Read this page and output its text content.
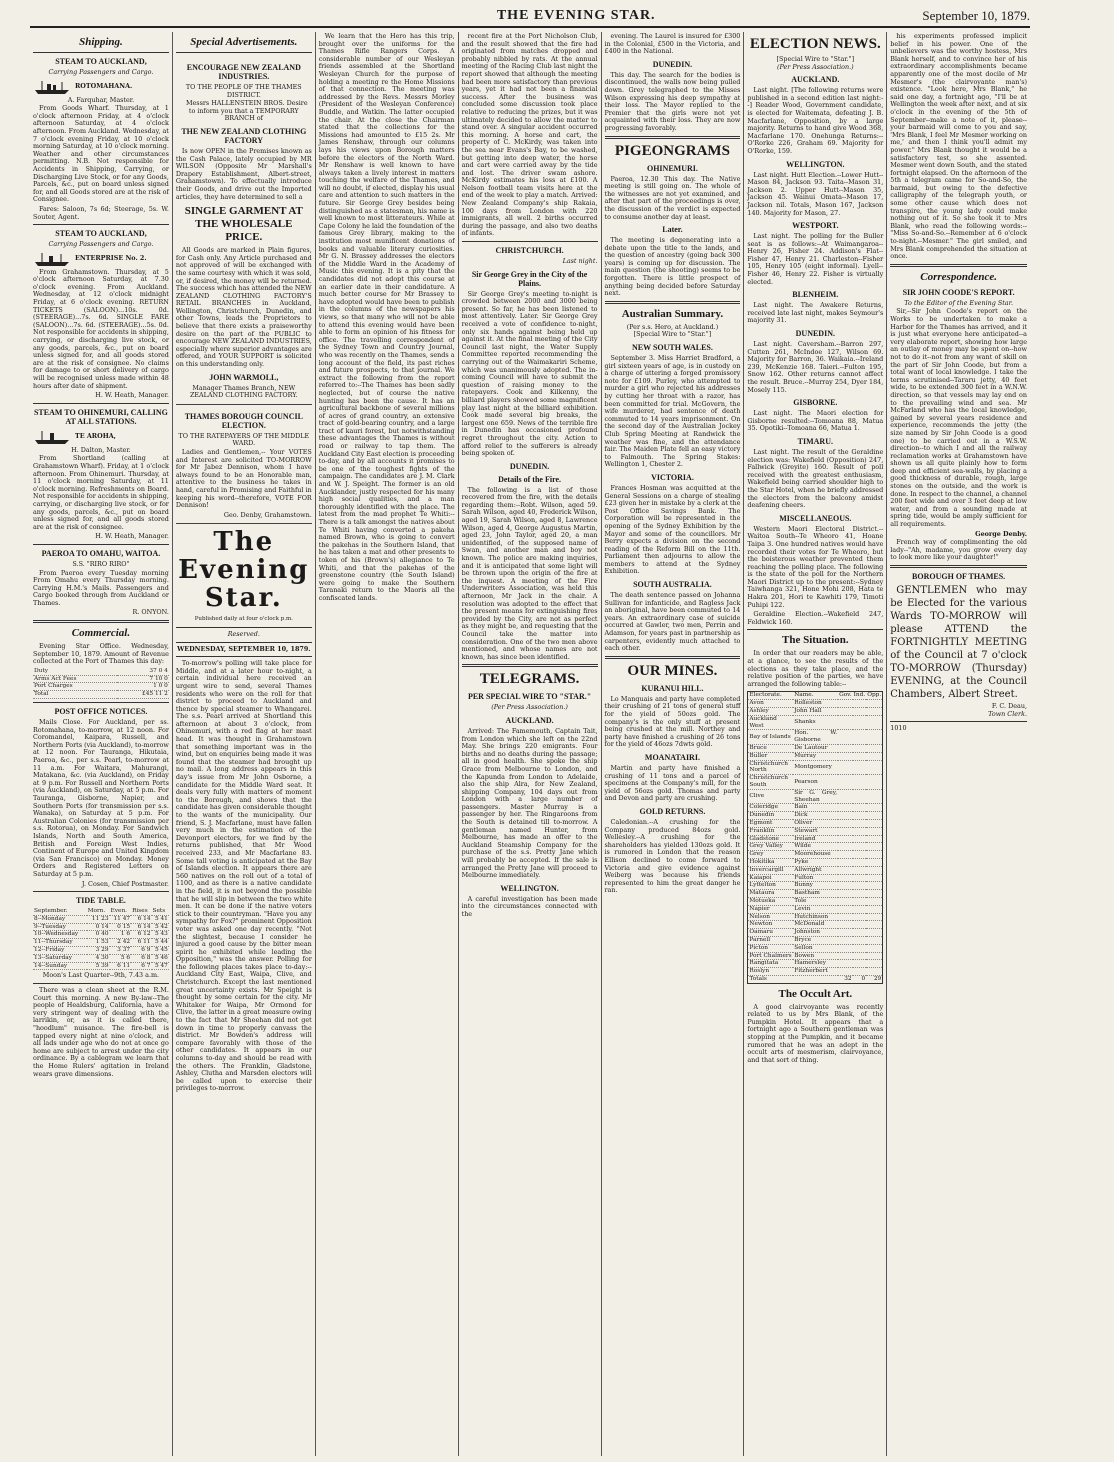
THE EVENING STAR.	September 10, 1879.
Shipping.
STEAM TO AUCKLAND,
Carrying Passengers and Cargo.
ROTOMAHANA.
A. Farquhar, Master.

From Goods Wharf. Thursday, at 1 o'clock afternoon Friday, at 4 o'clock afternoon Saturday, at 4 o'clock afternoon. From Auckland. Wednesday, at 7 o'clock evening Friday, at 10 o'clock morning Saturday, at 10 o'clock morning. Weather and other circumstances permitting. N.B. Not responsible for Accidents in Shipping, Carrying, or Discharging Live Stock, or for any Goods, Parcels, &c., put on board unless signed for, and all Goods stored are at the risk of Consignee.

Fares: Saloon, 7s 6d; Steerage, 5s. W. Souter, Agent.

STEAM TO AUCKLAND,
Carrying Passengers and Cargo.
ENTERPRISE No. 2.

From Grahamstown. Thursday, at 5 o'clock afternoon Saturday, at 7.30 o'clock evening. From Auckland. Wednesday, at 12 o'clock midnight Friday, at 6 o'clock evening. RETURN TICKETS (SALOON)...10s. 0d. (STEERAGE)...7s. 6d. SINGLE FARE (SALOON)...7s. 6d. (STEERAGE)...5s. 0d. Not responsible for accidents in shipping, carrying, or discharging live stock, or any goods, parcels, &c., put on board unless signed for, and all goods stored are at the risk of consignee. No claims for damage to or short delivery of cargo will be recognised unless made within 48 hours after date of shipment.

H. W. Heath, Manager.
STEAM TO OHINEMURI, CALLING AT ALL STATIONS.
TE AROHA,
H. Dalton, Master.

From Shortland (calling at Grahamstown Wharf). Friday, at 1 o'clock afternoon. From Ohinemuri. Thursday, at 11 o'clock morning Saturday, at 11 o'clock morning. Refreshments on Board. Not responsible for accidents in shipping, carrying, or discharging live stock, or for any goods, parcels, &c., put on board unless signed for, and all goods stored are at the risk of consignee.

H. W. Heath, Manager.
PAEROA TO OMAHU, WAITOA.
S.S. "RIRO RIRO"

From Paeroa every Tuesday morning From Omahu every Thursday morning. Carrying H.M.'s Mails. Passengers and Cargo booked through from Auckland or Thames.

R. ONYON.
Commercial.

Evening Star Office. Wednesday, September 10, 1879. Amount of Revenue collected at the Port of Thames this day:

Duty	37 0 4
Arms Act Fees	7 10 0
Port Charges	1 0 0
Total	£45 11 2
POST OFFICE NOTICES.

Mails Close. For Auckland, per ss. Rotomahana, to-morrow, at 12 noon. For Coromandel, Kaipara, Russell, and Northern Ports (via Auckland), to-morrow at 12 noon. For Tauranga, Hikutaia, Paeroa, &c., per s.s. Pearl, to-morrow at 11 a.m. For Waitara, Mahurangi, Matakana, &c. (via Auckland), on Friday at 9 p.m. For Russell and Northern Ports (via Auckland), on Saturday, at 5 p.m. For Tauranga, Gisborne, Napier, and Southern Ports (for transmission per s.s. Wanaka), on Saturday at 5 p.m. For Australian Colonies (for transmission per s.s. Rotorua), on Monday. For Sandwich Islands, North and South America, British and Foreign West Indies, Continent of Europe and United Kingdom (via San Francisco) on Monday. Money Orders and Registered Letters on Saturday at 5 p.m.

J. Cosen, Chief Postmaster.
TIDE TABLE.
September.	Morn.	Even.	Rises	Sets
8--Monday	11 23	11 47	6 14	5 41
9--Tuesday	0 14	0 15	6 14	5 42
10--Wednesday	0 40	1 6	6 12	5 43
11--Thursday	1 53	2 42	6 11	5 44
12--Friday	3 29	3 37	6 9	5 45
13--Saturday	4 30	5 6	6 8	5 46
14--Sunday	5 39	6 11	6 7	5 47
Moon's Last Quarter--9th, 7.43 a.m.

There was a clean sheet at the R.M. Court this morning. A new By-law--The people of Healdsburg, California, have a very stringent way of dealing with the larrikin, or, as it is called there, "hoodlum" nuisance. The fire-bell is tapped every night at nine o'clock, and all lads under age who do not at once go home are subject to arrest under the city ordinance. By a cablegram we learn that the Home Rulers' agitation in Ireland wears grave dimensions.

Special Advertisements.
ENCOURAGE NEW ZEALAND INDUSTRIES.
TO THE PEOPLE OF THE THAMES DISTRICT.

Messrs HALLENSTEIN BROS. Desire to inform you that a TEMPORARY BRANCH of

THE NEW ZEALAND CLOTHING FACTORY

Is now OPEN in the Premises known as the Cash Palace, lately occupied by MR WILSON (Opposite Mr Marshall's Drapery Establishment, Albert-street, Grahamstown). To effectually introduce their Goods, and drive out the Imported articles, they have determined to sell a

SINGLE GARMENT AT THE WHOLESALE PRICE.

All Goods are marked in Plain figures, for Cash only. Any Article purchased and not approved of will be exchanged with the same courtesy with which it was sold, or, if desired, the money will be returned. The success which has attended the NEW ZEALAND CLOTHING FACTORY'S RETAIL BRANCHES in Auckland, Wellington, Christchurch, Dunedin, and other Towns, leads the Proprietors to believe that there exists a praiseworthy desire on the part of the PUBLIC to encourage NEW ZEALAND INDUSTRIES, especially where superior advantages are offered, and YOUR SUPPORT is solicited on this understanding only.

JOHN WARMOLL,
Manager Thames Branch, NEW ZEALAND CLOTHING FACTORY.
THAMES BOROUGH COUNCIL ELECTION.
TO THE RATEPAYERS OF THE MIDDLE WARD.

Ladies and Gentlemen,-- Your VOTES and Interest are solicited TO-MORROW for Mr Jabez Dennison, whom I have always found to be an Honorable man, attentive to the business he takes in hand, careful in Promising and Faithful in keeping his word--therefore, VOTE FOR Dennison!

Geo. Denby, Grahamstown.
The Evening Star.
Published daily at four o'clock p.m.
Reserved.
WEDNESDAY, SEPTEMBER 10, 1879.

To-morrow's polling will take place for Middle, and at a later hour to-night, a certain individual here received an urgent wire to send, several Thames residents who were on the roll for that district to proceed to Auckland and thence by special steamer to Whangarei. The s.s. Pearl arrived at Shortland this afternoon at about 3 o'clock, from Ohinemuri, with a red flag at her mast head. It was thought in Grahamstown that something important was in the wind, but on enquiries being made it was found that the steamer had brought up no mail. A long address appears in this day's issue from Mr John Osborne, a candidate for the Middle Ward seat. It deals very fully with matters of moment to the Borough, and shows that the candidate has given considerable thought to the wants of the municipality. Our friend, S. J. Macfarlane, must have fallen very much in the estimation of the Devonport electors, for we find by the returns published, that Mr Wood received 233, and Mr Macfarlane 83. Some tall voting is anticipated at the Bay of Islands election. It appears there are 560 natives on the roll out of a total of 1100, and as there is a native candidate in the field, it is not beyond the possible that he will slip in between the two white men. It can be done if the native voters stick to their countryman. "Have you any sympathy for Fox?" prominent Opposition voter was asked one day recently. "Not the slightest, because I consider he injured a good cause by the bitter mean spirit he exhibited while leading the Opposition," was the answer. Polling for the following places takes place to-day:--Auckland City East, Waipa, Clive, and Christchurch. Except the last mentioned great uncertainty exists. Mr Speight is thought by some certain for the city. Mr Whitaker for Waipa, Mr Ormond for Clive, the latter in a great measure owing to the fact that Mr Sheehan did not get down in time to properly canvass the district. Mr Bowden's address will compare favorably with those of the other candidates. It appears in our columns to-day and should be read with the others. The Franklin, Gladstone, Ashley, Clutha and Marsden electors will be called upon to exercise their privileges to-morrow.

We learn that the Hero has this trip, brought over the uniforms for the Thames Rifle Rangers Corps. A considerable number of our Wesleyan friends assembled at the Shortland Wesleyan Church for the purpose of holding a meeting re the Home Missions of that connection. The meeting was addressed by the Revs. Messrs Morley (President of the Wesleyan Conference) Buddle, and Watkin. The latter occupied the chair. At the close the Chairman stated that the collections for the Missions had amounted to £15 2s. Mr James Renshaw, through our columns lays his views upon Borough matters before the electors of the North Ward. Mr Renshaw is well known to have always taken a lively interest in matters touching the welfare of the Thames, and will no doubt, if elected, display his usual care and attention to such matters in the future. Sir George Grey besides being distinguished as a statesman, his name is well known to most litterateurs. While at Cape Colony he laid the foundation of the famous Grey library, making to the institution most munificent donations of books and valuable literary curiosities. Mr G. N. Brassey addresses the electors of the Middle Ward in the Academy of Music this evening. It is a pity that the candidates did not adopt this course at an earlier date in their candidature. A much better course for Mr Brassey to have adopted would have been to publish in the columns of the newspapers his views, so that many who will not be able to attend this evening would have been able to form an opinion of his fitness for office. The travelling correspondent of the Sydney Town and Country Journal, who was recently on the Thames, sends a long account of the field, its past riches and future prospects, to that journal. We extract the following from the report referred to:--The Thames has been sadly neglected, but of course the native hunting has been the cause. It has an agricultural backbone of several millions of acres of grand country, an extensive tract of gold-bearing country, and a large tract of kauri forest, but notwithstanding these advantages the Thames is without road or railway to tap them. The Auckland City East election is proceeding to-day, and by all accounts it promises to be one of the toughest fights of the campaign. The candidates are J. M. Clark and W. J. Speight. The former is an old Aucklander, justly respected for his many high social qualities, and a man thoroughly identified with the place. The latest from the mad prophet Te Whiti:--There is a talk amongst the natives about Te Whiti having converted a pakeha named Brown, who is going to convert the pakehas in the Southern Island, that he has taken a mat and other presents to token of his (Brown's) allegiance to Te Whiti, and that the pakehas of the greenstone country (the South Island) were going to make the Southern Taranaki return to the Maoris all the confiscated lands.

recent fire at the Port Nicholson Club, and the result showed that the fire had originated from matches dropped and probably nibbled by rats. At the annual meeting of the Racing Club last night the report showed that although the meeting had been more satisfactory than previous years, yet it had not been a financial success. After the business was concluded some discussion took place relative to reducing the prizes, but it was ultimately decided to allow the matter to stand over. A singular accident occurred this morning. A horse and cart, the property of C. McKirdy, was taken into the sea near Evans's Bay, to be washed, but getting into deep water, the horse and cart were carried away by the tide and lost. The driver swam ashore. McKirdy estimates his loss at £100. A Nelson football team visits here at the end of the week to play a match. Arrived: New Zealand Company's ship Rakaia, 100 days from London with 220 immigrants, all well. 2 births occurred during the passage, and also two deaths of infants.

CHRISTCHURCH.
Last night.
Sir George Grey in the City of the Plains.

Sir George Grey's meeting to-night is crowded between 2000 and 3000 being present. So far, he has been listened to most attentively. Later. Sir George Grey received a vote of confidence to-night, only six hands against being held up against it. At the final meeting of the City Council last night, the Water Supply Committee reported recommending the carrying out of the Waimakariri Scheme, which was unanimously adopted. The in-coming Council will have to submit the question of raising money to the ratepayers. Cook and Kilkenny, the billiard players showed some magnificent play last night at the billiard exhibition. Cook made several big breaks, the largest one 659. News of the terrible fire in Dunedin has occasioned profound regret throughout the city. Action to afford relief to the sufferers is already being spoken of.

DUNEDIN.
Details of the Fire.

The following is a list of those recovered from the fire, with the details regarding them:--Robt. Wilson, aged 59. Sarah Wilson, aged 40, Frederick Wilson, aged 19, Sarah Wilson, aged 8, Lawrence Wilson, aged 4, George Augustus Martin, aged 23, John Taylor, aged 20, a man unidentified, of the supposed name of Swan, and another man and boy not known. The police are making inquiries, and it is anticipated that some light will be thrown upon the origin of the fire at the inquest. A meeting of the Fire Underwriters Association, was held this afternoon, Mr Jack in the chair. A resolution was adopted to the effect that the present means for extinguishing fires provided by the City, are not as perfect as they might be, and requesting that the Council take the matter into consideration. One of the two men above mentioned, and whose names are not known, has since been identified.

TELEGRAMS.
PER SPECIAL WIRE TO "STAR."
(Per Press Association.)
AUCKLAND.

Arrived: The Famemouth, Captain Tait, from London which she left on the 22nd May. She brings 220 emigrants. Four births and no deaths during the passage; all in good health. She spoke the ship Grace from Melbourne to London, and the Kapunda from London to Adelaide, also the ship Alra, for New Zealand, shipping Company, 104 days out from London with a large number of passengers. Master Murray is a passenger by her. The Ringaroons from the South is detained till to-morrow. A gentleman named Hunter, from Melbourne, has made an offer to the Auckland Steamship Company for the purchase of the s.s. Pretty Jane which will probably be accepted. If the sale is arranged the Pretty Jane will proceed to Melbourne immediately.

WELLINGTON.

A careful investigation has been made into the circumstances connected with the

evening. The Laurel is insured for £300 in the Colonial, £500 in the Victoria, and £400 in the National.

DUNEDIN.

This day. The search for the bodies is discontinued, the walls now being pulled down. Grey telegraphed to the Misses Wilson expressing his deep sympathy at their loss. The Mayor replied to the Premier that the girls were not yet acquainted with their loss. They are now progressing favorably.

PIGEONGRAMS
OHINEMURI.

Paeroa, 12.30 This day. The Native meeting is still going on. The whole of the witnesses are not yet examined, and after that part of the proceedings is over, the discussion of the verdict is expected to consume another day at least.

Later.

The meeting is degenerating into a debate upon the title to the lands, and the question of ancestry (going back 300 years) is coming up for discussion. The main question (the shooting) seems to be forgotten. There is little prospect of anything being decided before Saturday next.

Australian Summary.
(Per s.s. Hero, at Auckland.)
[Special Wire to "Star."]
NEW SOUTH WALES.

September 3. Miss Harriet Bradford, a girl sixteen years of age, is in custody on a charge of uttering a forged promissory note for £109. Purley, who attempted to murder a girl who rejected his addresses by cutting her throat with a razor, has been committed for trial. McGovern, the wife murderer, had sentence of death commuted to 14 years imprisonment. On the second day of the Australian Jockey Club Spring Meeting at Randwick the weather was fine, and the attendance fair. The Maiden Plate fell an easy victory to Falmouth. The Spring Stakes: Wellington 1, Chester 2.

VICTORIA.

Frances Hosman was acquitted at the General Sessions on a charge of stealing £23 given her in mistake by a clerk at the Post Office Savings Bank. The Corporation will be represented in the opening of the Sydney Exhibition by the Mayor and some of the councillors. Mr Berry expects a division on the second reading of the Reform Bill on the 11th. Parliament then adjourns to allow the members to attend at the Sydney Exhibition.

SOUTH AUSTRALIA.

The death sentence passed on Johanna Sullivan for infanticide, and Ragless Jack an aboriginal, have been commuted to 14 years. An extraordinary case of suicide occurred at Gawler, two men, Perrin and Adamson, for years past in partnership as carpenters, evidently much attached to each other.

OUR MINES.
KURANUI HILL.

Lo Manquais and party have completed their crushing of 21 tons of general stuff for the yield of 50ozs gold. The company's is the only stuff at present being crushed at the mill. Northey and party have finished a crushing of 26 tons for the yield of 46ozs 7dwts gold.

MOANATAIRI.

Martin and party have finished a crushing of 11 tons and a parcel of specimens at the Company's mill, for the yield of 56ozs gold. Thomas and party and Devon and party are crushing.

GOLD RETURNS.

Caledonian.--A crushing for the Company produced 84ozs gold. Wellesley.--A crushing for the shareholders has yielded 130ozs gold. It is rumored in London that the reason Ellison declined to come forward to Victoria and give evidence against Weiberg was because his friends represented to him the great danger he ran.

ELECTION NEWS.
[Special Wire to "Star."]
(Per Press Association.)
AUCKLAND.

Last night. [The following returns were published in a second edition last night:--] Reader Wood, Government candidate, is elected for Waitemata, defeating J. B. Macfarlane, Opposition, by a large majority. Returns to hand give Wood 368, Macfarlane 170. Onehunga Returns:--O'Rorke 226, Graham 69. Majority for O'Rorke, 159.

WELLINGTON.

Last night. Hutt Election.--Lower Hutt--Mason 84, Jackson 93. Taita--Mason 31, Jackson 2. Upper Hutt--Mason 35, Jackson 45. Wainui Omata--Mason 17, Jackson nil. Totals, Mason 167, Jackson 140. Majority for Mason, 27.

WESTPORT.

Last night. The polling for the Buller seat is as follows:--At Waimangaroa--Henry 26, Fisher 24. Addison's Flat--Fisher 47, Henry 21. Charleston--Fisher 105, Henry 105 (eight informal). Lyell--Fisher 46, Henry 22. Fisher is virtually elected.

BLENHEIM.

Last night. The Awakere Returns, received late last night, makes Seymour's majority 31.

DUNEDIN.

Last night. Caversham.--Barron 297, Cutten 261, McIndoe 127, Wilson 69. Majority for Barron, 36. Waikaia.--Ireland 239, McKenzie 168. Taieri.--Fulton 195, Snow 162. Other returns cannot affect the result. Bruce.--Murray 254, Dyer 184, Mosely 115.

GISBORNE.

Last night. The Maori election for Gisborne resulted:--Tomoana 88, Matua 35. Opotiki--Tomoana 66, Matua 1.

TIMARU.

Last night. The result of the Geraldine election was: Wakefield (Opposition) 247, Fallwick (Greyite) 160. Result of poll received with the greatest enthusiasm, Wakefield being carried shoulder high to the Star Hotel, when he briefly addressed the electors from the balcony amidst deafening cheers.

MISCELLANEOUS.

Western Maori Electoral District.--Waitoa South--Te Wheoro 41, Hoane Taipa 3. One hundred natives would have recorded their votes for Te Wheoro, but the boisterous weather prevented them reaching the polling place. The following is the state of the poll for the Northern Maori District up to the present:--Sydney Taiwhanga 321, Hone Mohi 208, Hata te Hakra 201, Hori te Kawhiti 179, Timoti Puhipi 122.

Geraldine Election.--Wakefield 247, Feldwick 160.

The Situation.

In order that our readers may be able, at a glance, to see the results of the elections as they take place, and the relative position of the parties, we have arranged the following table:--

Electorate.	Name.	Gov.	Ind.	Opp.
Avon	Rolleston			
Ashley	John Hall			
Auckland West	Shanks			
Bay of Islands	Hon. W. Gisborne			
Bruce	De Lautour			
Buller	Murray			
Christchurch North	Montgomery			
Christchurch South	Pearson			
Clive	Sir G. Grey, Sheehan			
Coleridge	Bain			
Dunedin	Dick			
Egmont	Oliver			
Franklin	Stewart			
Gladstone	Ireland			
Grey Valley	Wilde			
Grey	Moorehouse			
Hokitika	Pyke			
Invercargill	Allwright			
Kaiapoi	Fulton			
Lyttelton	Bunny			
Mataura	Bastham			
Motueka	Tole			
Napier	Levin			
Nelson	Hutchinson			
Newton	McDonald			
Oamaru	Johnston			
Parnell	Bryce			
Picton	Sellon			
Port Chalmers	Bowen			
Rangitata	Hamersley			
Roslyn	Fitzherbert			
Totals		32	0	29
The Occult Art.

A good clairvoyante was recently related to us by Mrs Blank, of the Pumpkin Hotel. It appears that a fortnight ago a Southern gentleman was stopping at the Pumpkin, and it became rumored that he was an adept in the occult arts of mesmerism, clairvoyance, and that sort of thing.

his experiments professed implicit belief in his power. One of the unbelievers was the worthy hostess, Mrs Blank herself, and to convince her of his extraordinary accomplishments became apparently one of the most docile of Mr Mesmer's (the clairvoyante man's) existence. "Look here, Mrs Blank," he said one day, a fortnight ago, "I'll be at Wellington the week after next, and at six o'clock in the evening of the 5th of September--make a note of it, please--your barmaid will come to you and say, 'Mrs Blank, I feel Mr Mesmer working on me,' and then I think you'll admit my power." Mrs Blank thought it would be a satisfactory test, so she assented. Mesmer went down South, and the stated fortnight elapsed. On the afternoon of the 5th a telegram came for So-and-So, the barmaid, but owing to the defective calligraphy of the telegraph youth, or some other cause which does not transpire, the young lady could make nothing out of it. So she took it to Mrs Blank, who read the following words:--"Miss So-and-So.--Remember at 6 o'clock to-night.--Mesmer." The girl smiled, and Mrs Blank comprehended the situation at once.

Correspondence.
SIR JOHN COODE'S REPORT.
To the Editor of the Evening Star.

Sir,--Sir John Coode's report on the Works to be undertaken to make a Harbor for the Thames has arrived, and it is just what everyone here anticipated--a very elaborate report, showing how large an outlay of money may be spent on--how not to do it--not from any want of skill on the part of Sir John Coode, but from a total want of local knowledge. I take the terms scrutinised--Tararu jetty, 40 feet wide, to be extended 300 feet in a W.N.W. direction, so that vessels may lay end on to the prevailing wind and sea. Mr McFarland who has the local knowledge, gained by several years residence and experience, recommends the jetty (the size named by Sir John Coode is a good one) to be carried out in a W.S.W. direction--to which I and all the railway reclamation works at Grahamstown have shown us all quite plainly how to form deep and efficient sea-walls, by placing a good thickness of durable, rough, large stones on the outside, and the work is done. In respect to the channel, a channel 200 feet wide and over 3 feet deep at low water, and from a sounding made at spring tide, would be amply sufficient for all requirements.

George Denby.

French way of complimenting the old lady--"Ah, madame, you grow every day to look more like your daughter!"

BOROUGH OF THAMES.

GENTLEMEN who may be Elected for the various Wards TO-MORROW will please ATTEND the FORTNIGHTLY MEETING of the Council at 7 o'clock TO-MORROW (Thursday) EVENING, at the Council Chambers, Albert Street.

F. C. Deau,
Town Clerk.
1010
